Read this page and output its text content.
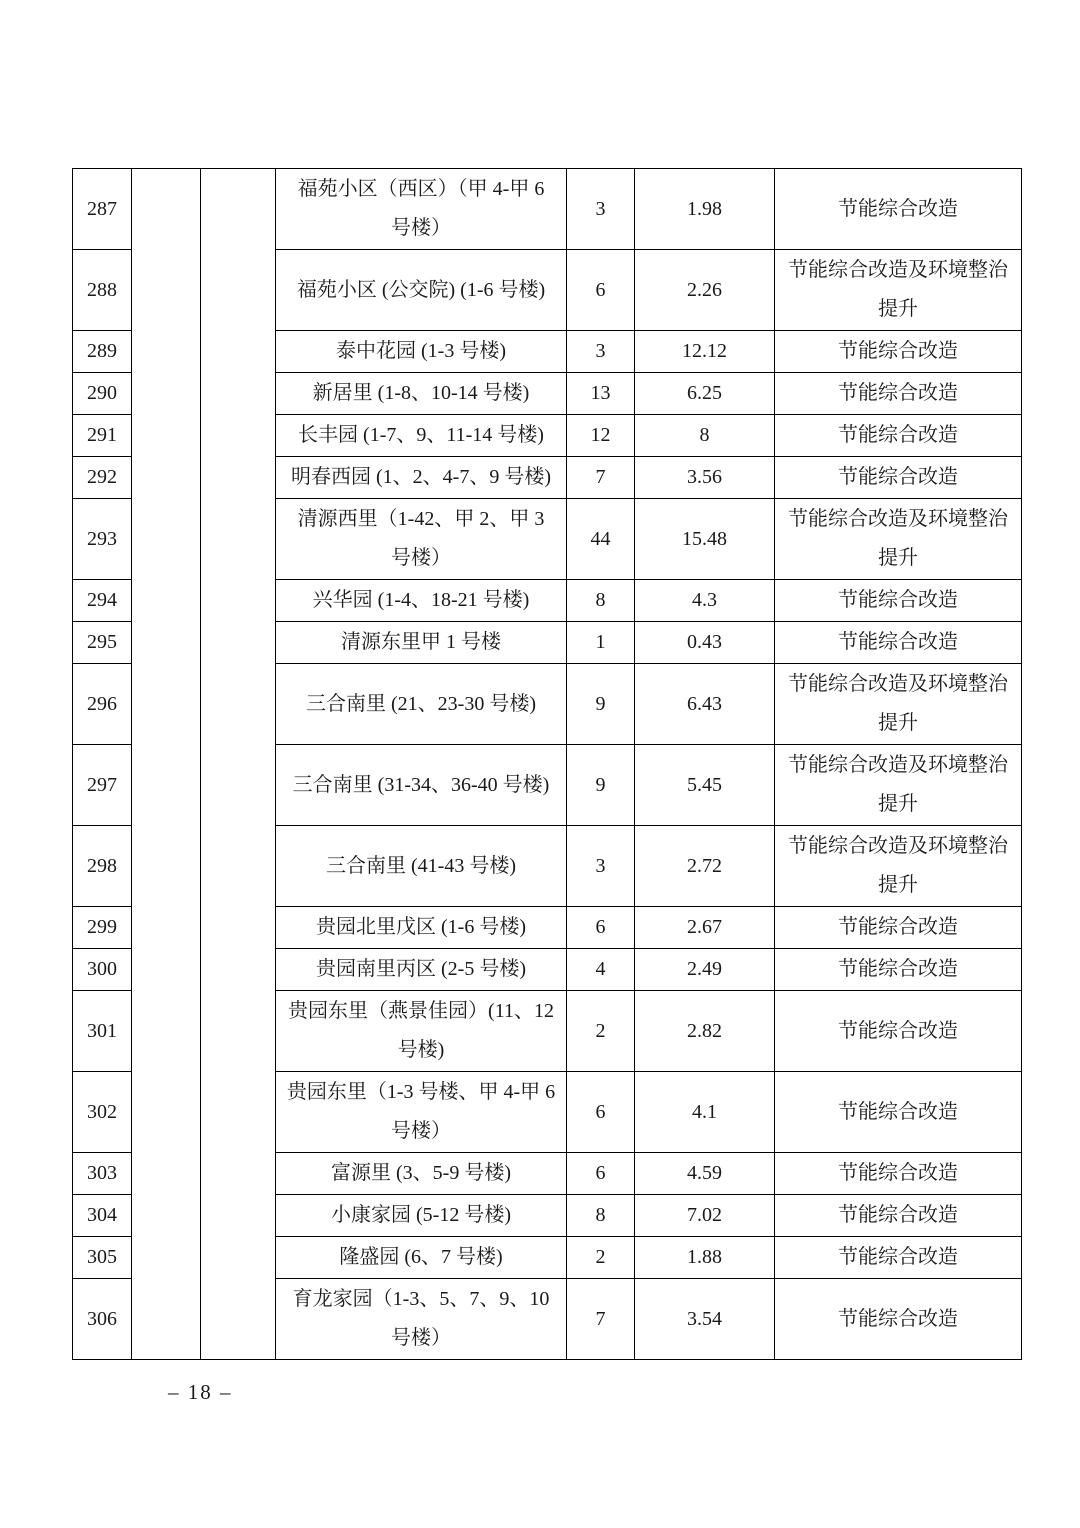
287			福苑小区（西区）（甲 4-甲 6 号楼）	3	1.98	节能综合改造
288			福苑小区 (公交院) (1-6 号楼)	6	2.26	节能综合改造及环境整治提升
289			泰中花园 (1-3 号楼)	3	12.12	节能综合改造
290			新居里 (1-8、10-14 号楼)	13	6.25	节能综合改造
291			长丰园 (1-7、9、11-14 号楼)	12	8	节能综合改造
292			明春西园 (1、2、4-7、9 号楼)	7	3.56	节能综合改造
293			清源西里（1-42、甲 2、甲 3 号楼）	44	15.48	节能综合改造及环境整治提升
294			兴华园 (1-4、18-21 号楼)	8	4.3	节能综合改造
295			清源东里甲 1 号楼	1	0.43	节能综合改造
296			三合南里 (21、23-30 号楼)	9	6.43	节能综合改造及环境整治提升
297			三合南里 (31-34、36-40 号楼)	9	5.45	节能综合改造及环境整治提升
298			三合南里 (41-43 号楼)	3	2.72	节能综合改造及环境整治提升
299			贵园北里戊区 (1-6 号楼)	6	2.67	节能综合改造
300			贵园南里丙区 (2-5 号楼)	4	2.49	节能综合改造
301			贵园东里（燕景佳园）(11、12 号楼)	2	2.82	节能综合改造
302			贵园东里（1-3 号楼、甲 4-甲 6 号楼）	6	4.1	节能综合改造
303			富源里 (3、5-9 号楼)	6	4.59	节能综合改造
304			小康家园 (5-12 号楼)	8	7.02	节能综合改造
305			隆盛园 (6、7 号楼)	2	1.88	节能综合改造
306			育龙家园（1-3、5、7、9、10 号楼）	7	3.54	节能综合改造
– 18 –
